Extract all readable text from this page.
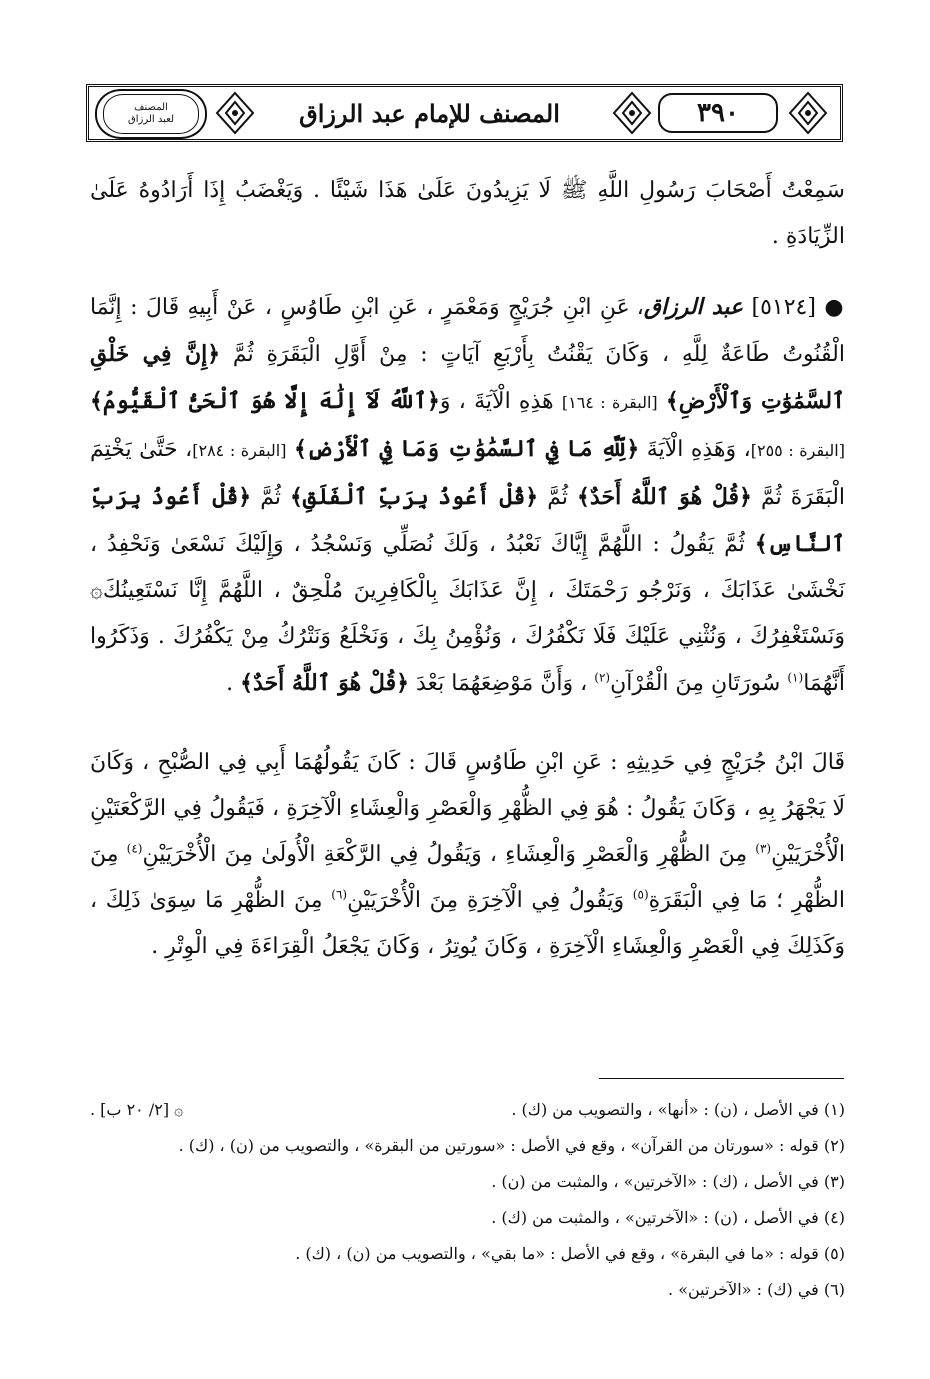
المصنف
لعبد الرزاق	المصنف للإمام عبد الرزاق	٣٩٠
سَمِعْتُ أَصْحَابَ رَسُولِ اللَّهِ ﷺ لَا يَزِيدُونَ عَلَىٰ هَذَا شَيْئًا . وَيَغْضَبُ إِذَا أَرَادُوهُ عَلَىٰ الزِّيَادَةِ .
● [٥١٢٤] عبد الرزاق، عَنِ ابْنِ جُرَيْجٍ وَمَعْمَرٍ ، عَنِ ابْنِ طَاوُسٍ ، عَنْ أَبِيهِ قَالَ : إِنَّمَا الْقُنُوتُ طَاعَةٌ لِلَّهِ ، وَكَانَ يَقْنُتُ بِأَرْبَعِ آيَاتٍ : مِنْ أَوَّلِ الْبَقَرَةِ ثُمَّ ﴿إِنَّ فِي خَلْقِ ٱلسَّمَٰوَٰتِ وَٱلْأَرْضِ﴾ [البقرة : ١٦٤] هَذِهِ الْآيَةَ ، وَ﴿ٱللَّهُ لَآ إِلَٰهَ إِلَّا هُوَ ٱلْحَىُّ ٱلْقَيُّومُ﴾ [البقرة : ٢٥٥]، وَهَذِهِ الْآيَةَ ﴿لِّلَّهِ مَا فِي ٱلسَّمَٰوَٰتِ وَمَا فِي ٱلْأَرْضِ﴾ [البقرة : ٢٨٤]، حَتَّىٰ يَخْتِمَ الْبَقَرَةَ ثُمَّ ﴿قُلْ هُوَ ٱللَّهُ أَحَدٌ﴾ ثُمَّ ﴿قُلْ أَعُوذُ بِرَبِّ ٱلْفَلَقِ﴾ ثُمَّ ﴿قُلْ أَعُوذُ بِرَبِّ ٱلنَّاسِ﴾ ثُمَّ يَقُولُ : اللَّهُمَّ إِيَّاكَ نَعْبُدُ ، وَلَكَ نُصَلِّي وَنَسْجُدُ ، وَإِلَيْكَ نَسْعَىٰ وَنَحْفِدُ ، نَخْشَىٰ عَذَابَكَ ، وَنَرْجُو رَحْمَتَكَ ، إِنَّ عَذَابَكَ بِالْكَافِرِينَ مُلْحِقٌ ، اللَّهُمَّ إِنَّا نَسْتَعِينُكَ۞ وَنَسْتَغْفِرُكَ ، وَنُثْنِي عَلَيْكَ فَلَا نَكْفُرُكَ ، وَنُؤْمِنُ بِكَ ، وَنَخْلَعُ وَنَتْرُكُ مِنْ يَكْفُرُكَ . وَذَكَرُوا أَنَّهُمَا$^{(١)}$ سُورَتَانِ مِنَ الْقُرْآنِ$^{(٢)}$ ، وَأَنَّ مَوْضِعَهُمَا بَعْدَ ﴿قُلْ هُوَ ٱللَّهُ أَحَدٌ﴾ .
قَالَ ابْنُ جُرَيْجٍ فِي حَدِيثِهِ : عَنِ ابْنِ طَاوُسٍ قَالَ : كَانَ يَقُولُهُمَا أَبِي فِي الصُّبْحِ ، وَكَانَ لَا يَجْهَرُ بِهِ ، وَكَانَ يَقُولُ : هُوَ فِي الظُّهْرِ وَالْعَصْرِ وَالْعِشَاءِ الْآخِرَةِ ، فَيَقُولُ فِي الرَّكْعَتَيْنِ الْأُخْرَيَيْنِ$^{(٣)}$ مِنَ الظُّهْرِ وَالْعَصْرِ وَالْعِشَاءِ ، وَيَقُولُ فِي الرَّكْعَةِ الْأُولَىٰ مِنَ الْأُخْرَيَيْنِ$^{(٤)}$ مِنَ الظُّهْرِ ؛ مَا فِي الْبَقَرَةِ$^{(٥)}$ وَيَقُولُ فِي الْآخِرَةِ مِنَ الْأُخْرَيَيْنِ$^{(٦)}$ مِنَ الظُّهْرِ مَا سِوَىٰ ذَلِكَ ، وَكَذَلِكَ فِي الْعَصْرِ وَالْعِشَاءِ الْآخِرَةِ ، وَكَانَ يُوتِرُ ، وَكَانَ يَجْعَلُ الْقِرَاءَةَ فِي الْوِتْرِ .
(١) في الأصل ، (ن) : «أنها» ، والتصويب من (ك) .
۞ [٢/ ٢٠ ب] .
(٢) قوله : «سورتان من القرآن» ، وقع في الأصل : «سورتين من البقرة» ، والتصويب من (ن) ، (ك) .
(٣) في الأصل ، (ك) : «الآخرتين» ، والمثبت من (ن) .
(٤) في الأصل ، (ن) : «الآخرتين» ، والمثبت من (ك) .
(٥) قوله : «ما في البقرة» ، وقع في الأصل : «ما بقي» ، والتصويب من (ن) ، (ك) .
(٦) في (ك) : «الآخرتين» .
